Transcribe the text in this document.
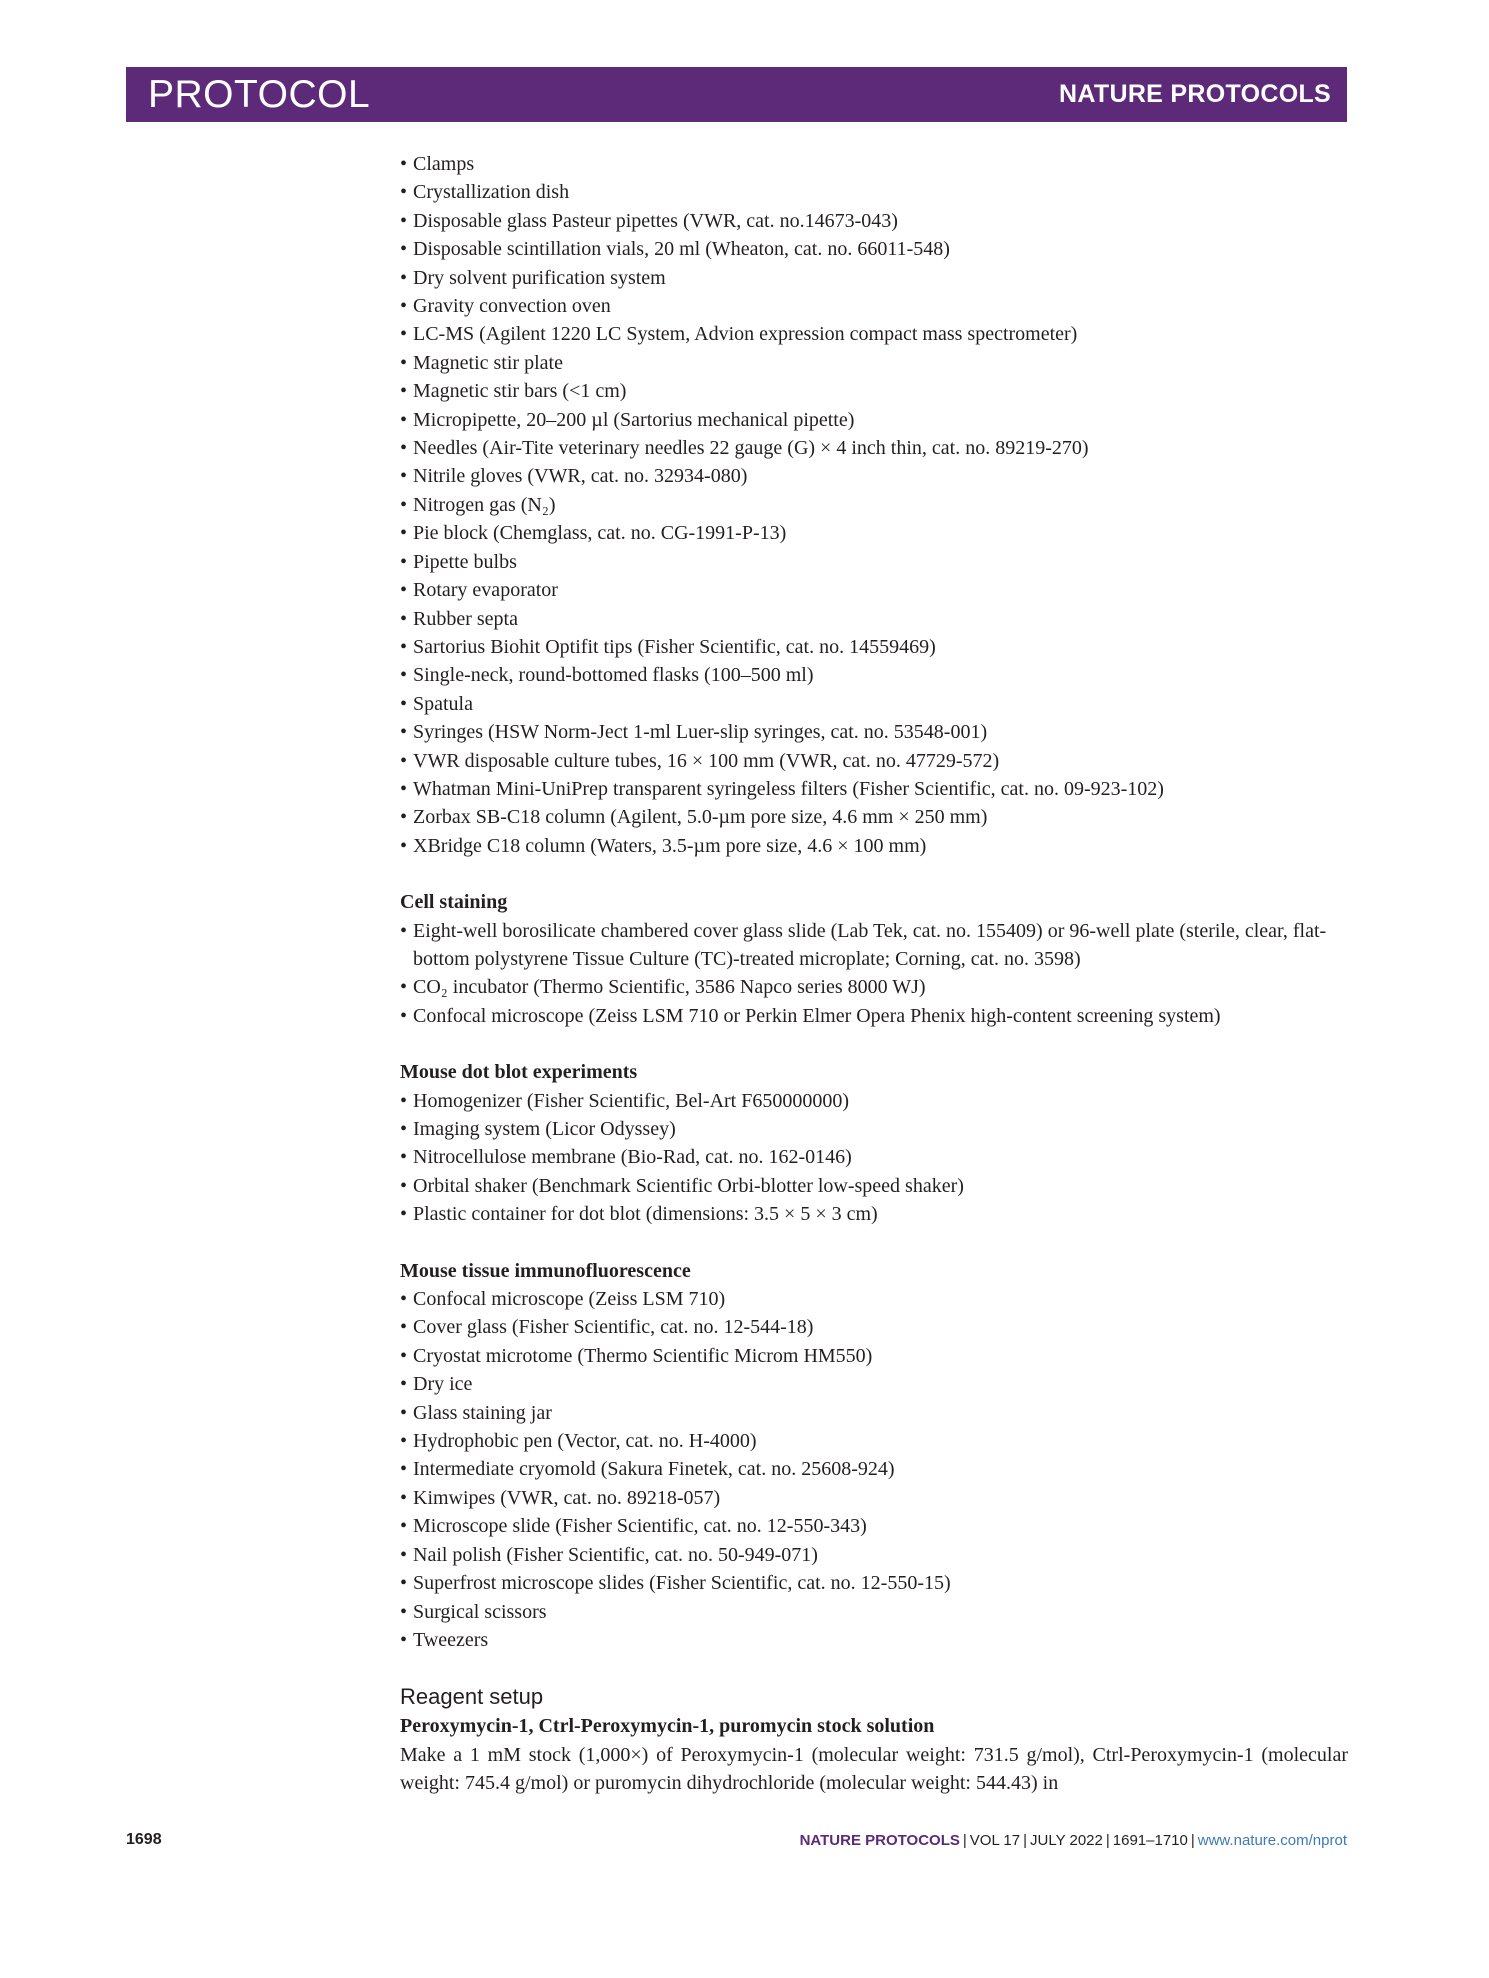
PROTOCOL	NATURE PROTOCOLS
• Clamps
• Crystallization dish
• Disposable glass Pasteur pipettes (VWR, cat. no.14673-043)
• Disposable scintillation vials, 20 ml (Wheaton, cat. no. 66011-548)
• Dry solvent purification system
• Gravity convection oven
• LC-MS (Agilent 1220 LC System, Advion expression compact mass spectrometer)
• Magnetic stir plate
• Magnetic stir bars (<1 cm)
• Micropipette, 20–200 µl (Sartorius mechanical pipette)
• Needles (Air-Tite veterinary needles 22 gauge (G) × 4 inch thin, cat. no. 89219-270)
• Nitrile gloves (VWR, cat. no. 32934-080)
• Nitrogen gas (N₂)
• Pie block (Chemglass, cat. no. CG-1991-P-13)
• Pipette bulbs
• Rotary evaporator
• Rubber septa
• Sartorius Biohit Optifit tips (Fisher Scientific, cat. no. 14559469)
• Single-neck, round-bottomed flasks (100–500 ml)
• Spatula
• Syringes (HSW Norm-Ject 1-ml Luer-slip syringes, cat. no. 53548-001)
• VWR disposable culture tubes, 16 × 100 mm (VWR, cat. no. 47729-572)
• Whatman Mini-UniPrep transparent syringeless filters (Fisher Scientific, cat. no. 09-923-102)
• Zorbax SB-C18 column (Agilent, 5.0-µm pore size, 4.6 mm × 250 mm)
• XBridge C18 column (Waters, 3.5-µm pore size, 4.6 × 100 mm)
Cell staining
• Eight-well borosilicate chambered cover glass slide (Lab Tek, cat. no. 155409) or 96-well plate (sterile, clear, flat-bottom polystyrene Tissue Culture (TC)-treated microplate; Corning, cat. no. 3598)
• CO₂ incubator (Thermo Scientific, 3586 Napco series 8000 WJ)
• Confocal microscope (Zeiss LSM 710 or Perkin Elmer Opera Phenix high-content screening system)
Mouse dot blot experiments
• Homogenizer (Fisher Scientific, Bel-Art F650000000)
• Imaging system (Licor Odyssey)
• Nitrocellulose membrane (Bio-Rad, cat. no. 162-0146)
• Orbital shaker (Benchmark Scientific Orbi-blotter low-speed shaker)
• Plastic container for dot blot (dimensions: 3.5 × 5 × 3 cm)
Mouse tissue immunofluorescence
• Confocal microscope (Zeiss LSM 710)
• Cover glass (Fisher Scientific, cat. no. 12-544-18)
• Cryostat microtome (Thermo Scientific Microm HM550)
• Dry ice
• Glass staining jar
• Hydrophobic pen (Vector, cat. no. H-4000)
• Intermediate cryomold (Sakura Finetek, cat. no. 25608-924)
• Kimwipes (VWR, cat. no. 89218-057)
• Microscope slide (Fisher Scientific, cat. no. 12-550-343)
• Nail polish (Fisher Scientific, cat. no. 50-949-071)
• Superfrost microscope slides (Fisher Scientific, cat. no. 12-550-15)
• Surgical scissors
• Tweezers
Reagent setup
Peroxymycin-1, Ctrl-Peroxymycin-1, puromycin stock solution
Make a 1 mM stock (1,000×) of Peroxymycin-1 (molecular weight: 731.5 g/mol), Ctrl-Peroxymycin-1 (molecular weight: 745.4 g/mol) or puromycin dihydrochloride (molecular weight: 544.43) in
1698	NATURE PROTOCOLS | VOL 17 | JULY 2022 | 1691–1710 | www.nature.com/nprot
